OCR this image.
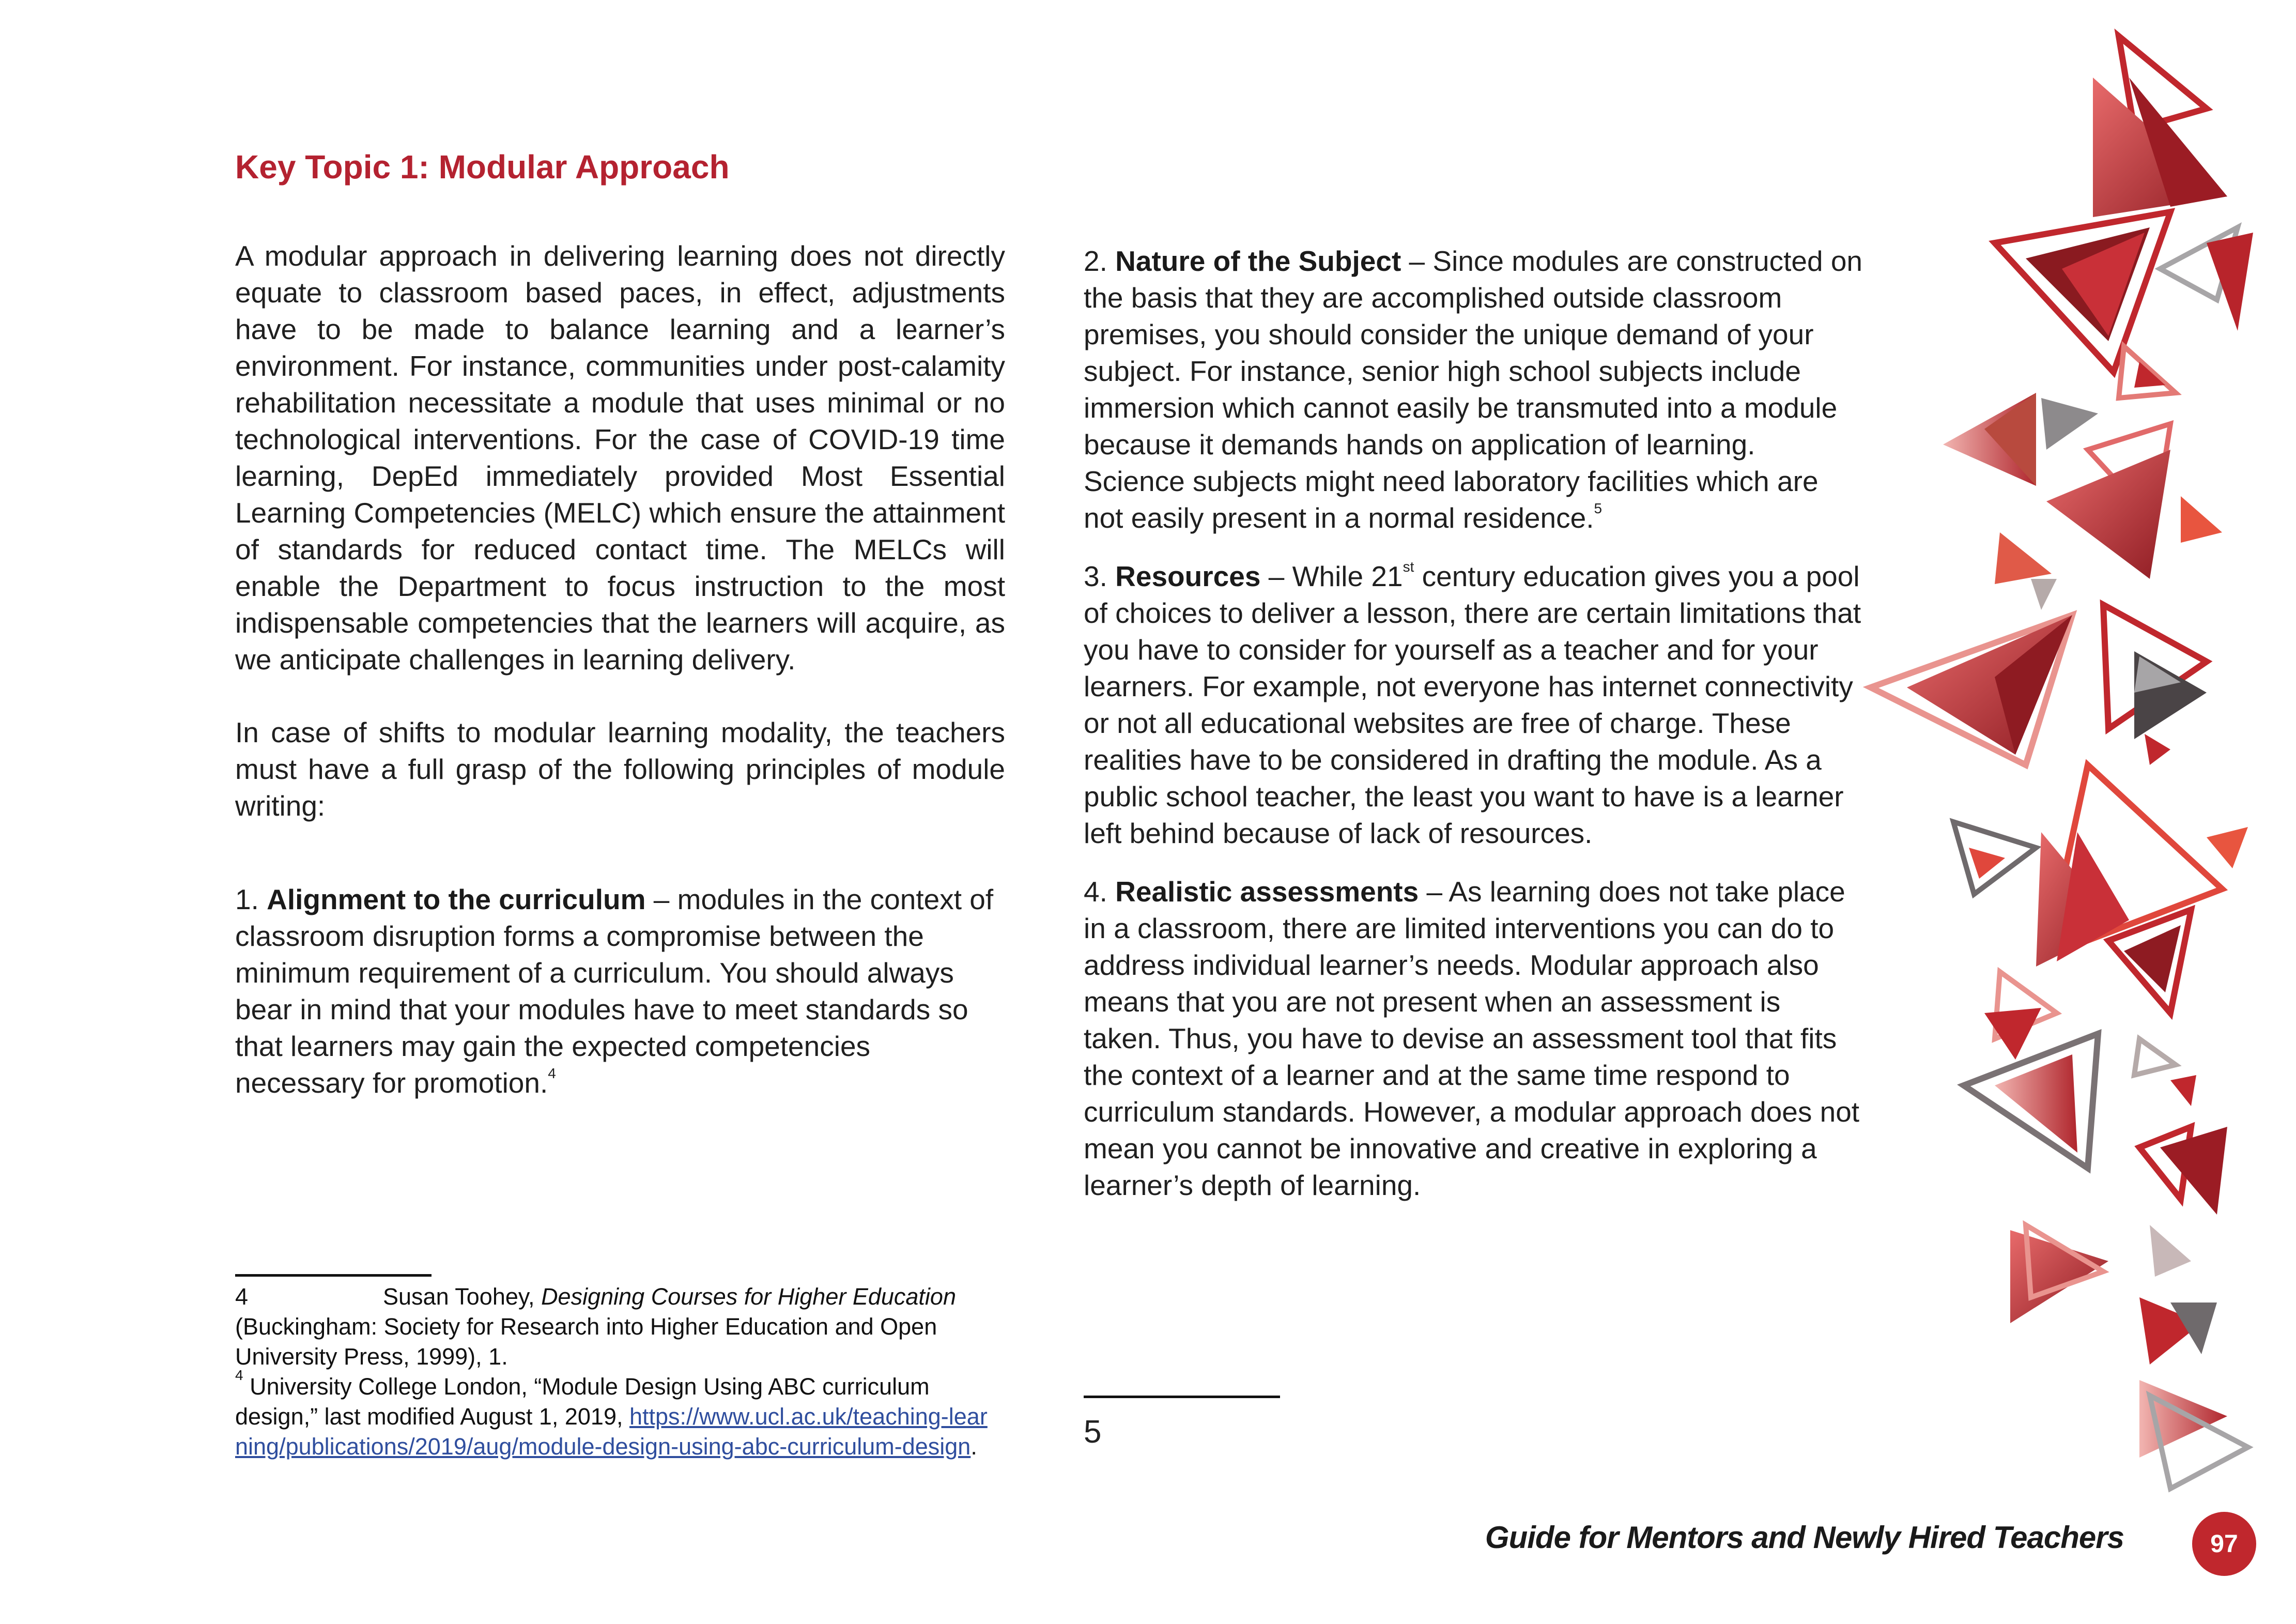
Key Topic 1: Modular Approach

A modular approach in delivering learning does not directly equate to classroom based paces, in effect, adjustments have to be made to balance learning and a learner’s environment. For instance, communities under post-calamity rehabilitation necessitate a module that uses minimal or no technological interventions. For the case of COVID-19 time learning, DepEd immediately provided Most Essential Learning Competencies (MELC) which ensure the attainment of standards for reduced contact time. The MELCs will enable the Department to focus instruction to the most indispensable competencies that the learners will acquire, as we anticipate challenges in learning delivery.

In case of shifts to modular learning modality, the teachers must have a full grasp of the following principles of module writing:

1. Alignment to the curriculum – modules in the context of classroom disruption forms a compromise between the minimum requirement of a curriculum. You should always bear in mind that your modules have to meet standards so that learners may gain the expected competencies necessary for promotion.$^4$

4	Susan Toohey, Designing Courses for Higher Education (Buckingham: Society for Research into Higher Education and Open University Press, 1999), 1.

$^4$ University College London, “Module Design Using ABC curriculum design,” last modified August 1, 2019, https://www.ucl.ac.uk/teaching-learning/publications/2019/aug/module-design-using-abc-curriculum-design.

2. Nature of the Subject – Since modules are constructed on the basis that they are accomplished outside classroom premises, you should consider the unique demand of your subject. For instance, senior high school subjects include immersion which cannot easily be transmuted into a module because it demands hands on application of learning. Science subjects might need laboratory facilities which are not easily present in a normal residence.$^5$

3. Resources – While 21st century education gives you a pool of choices to deliver a lesson, there are certain limitations that you have to consider for yourself as a teacher and for your learners. For example, not everyone has internet connectivity or not all educational websites are free of charge. These realities have to be considered in drafting the module. As a public school teacher, the least you want to have is a learner left behind because of lack of resources.

4. Realistic assessments – As learning does not take place in a classroom, there are limited interventions you can do to address individual learner’s needs. Modular approach also means that you are not present when an assessment is taken. Thus, you have to devise an assessment tool that fits the context of a learner and at the same time respond to curriculum standards. However, a modular approach does not mean you cannot be innovative and creative in exploring a learner’s depth of learning.

5
Guide for Mentors and Newly Hired Teachers	97
